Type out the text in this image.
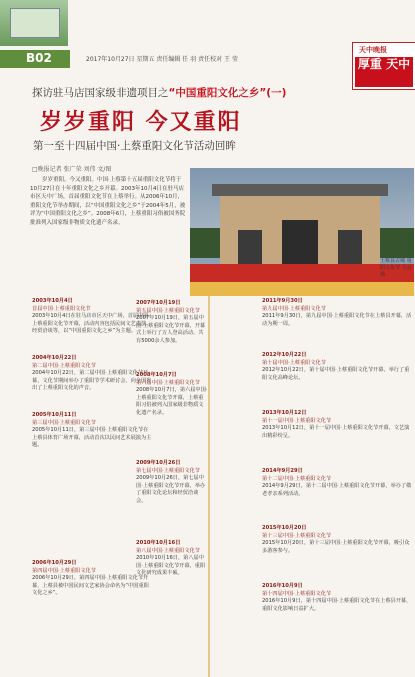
B02	2017年10月27日 星期五 责任编辑 任 羽 责任校对 王 莹
天中晚报
厚重 天中
探访驻马店国家级非遗项目之“中国重阳文化之乡”(一)
岁岁重阳 今又重阳
第一至十四届中国·上蔡重阳文化节活动回眸
□晚报记者 张广荣 刘伟 文/图
岁岁重阳，今又重阳。中国·上蔡第十五届重阳文化节将于10月27日在十年重阳文化之乡开幕。2003年10月4日在驻马店市区天中广场，首届重阳文化节在上蔡举行。从2006年10月，重阳文化节举办期间，以“中国重阳文化之乡”于2004年5月，被评为“中国重阳文化之乡”。2008年6月，上蔡重阳习俗被国务院批准列入国家级非物质文化遗产名录。
上蔡县古城 重阳文化节 主会场
2003年10月4日
首届中国·上蔡重阳文化节
2003年10月4日在驻马店市区天中广场，首届中国·上蔡重阳文化节开幕，活动内容包括民间文艺表演、经贸洽谈等，以“中国重阳文化之乡”为主题。
2004年10月22日
第二届中国·上蔡重阳文化节
2004年10月22日，第二届中国·上蔡重阳文化节开幕，文化节期间举办了重阳节学术研讨会，向全国发出了上蔡重阳文化的声音。
2005年10月11日
第三届中国·上蔡重阳文化节
2005年10月11日，第三届中国·上蔡重阳文化节在上蔡县体育广场开幕，活动首次以民间艺术展演为主题。
2006年10月29日
第四届中国·上蔡重阳文化节
2006年10月29日，第四届中国·上蔡重阳文化节开幕，上蔡县被中国民间文艺家协会命名为“中国重阳文化之乡”。
2007年10月19日
第五届中国·上蔡重阳文化节
2007年10月19日，第五届中国·上蔡重阳文化节开幕，开幕式上举行了万人登高活动，共有5000余人参加。
2008年10月7日
第六届中国·上蔡重阳文化节
2008年10月7日，第六届中国·上蔡重阳文化节开幕，上蔡重阳习俗被列入国家级非物质文化遗产名录。
2009年10月26日
第七届中国·上蔡重阳文化节
2009年10月26日，第七届中国·上蔡重阳文化节开幕，举办了重阳文化论坛和经贸洽谈会。
2010年10月16日
第八届中国·上蔡重阳文化节
2010年10月16日，第八届中国·上蔡重阳文化节开幕，重阳文化研究成果丰硕。
2011年9月30日
第九届中国·上蔡重阳文化节
2011年9月30日，第九届中国·上蔡重阳文化节在上蔡县开幕，活动为期一周。
2012年10月22日
第十届中国·上蔡重阳文化节
2012年10月22日，第十届中国·上蔡重阳文化节开幕，举行了重阳文化高峰论坛。
2013年10月12日
第十一届中国·上蔡重阳文化节
2013年10月12日，第十一届中国·上蔡重阳文化节开幕，文艺演出精彩纷呈。
2014年9月29日
第十二届中国·上蔡重阳文化节
2014年9月29日，第十二届中国·上蔡重阳文化节开幕，举办了敬老孝亲系列活动。
2015年10月20日
第十三届中国·上蔡重阳文化节
2015年10月20日，第十三届中国·上蔡重阳文化节开幕，吸引众多游客参与。
2016年10月9日
第十四届中国·上蔡重阳文化节
2016年10月9日，第十四届中国·上蔡重阳文化节在上蔡县开幕，重阳文化影响日益扩大。
